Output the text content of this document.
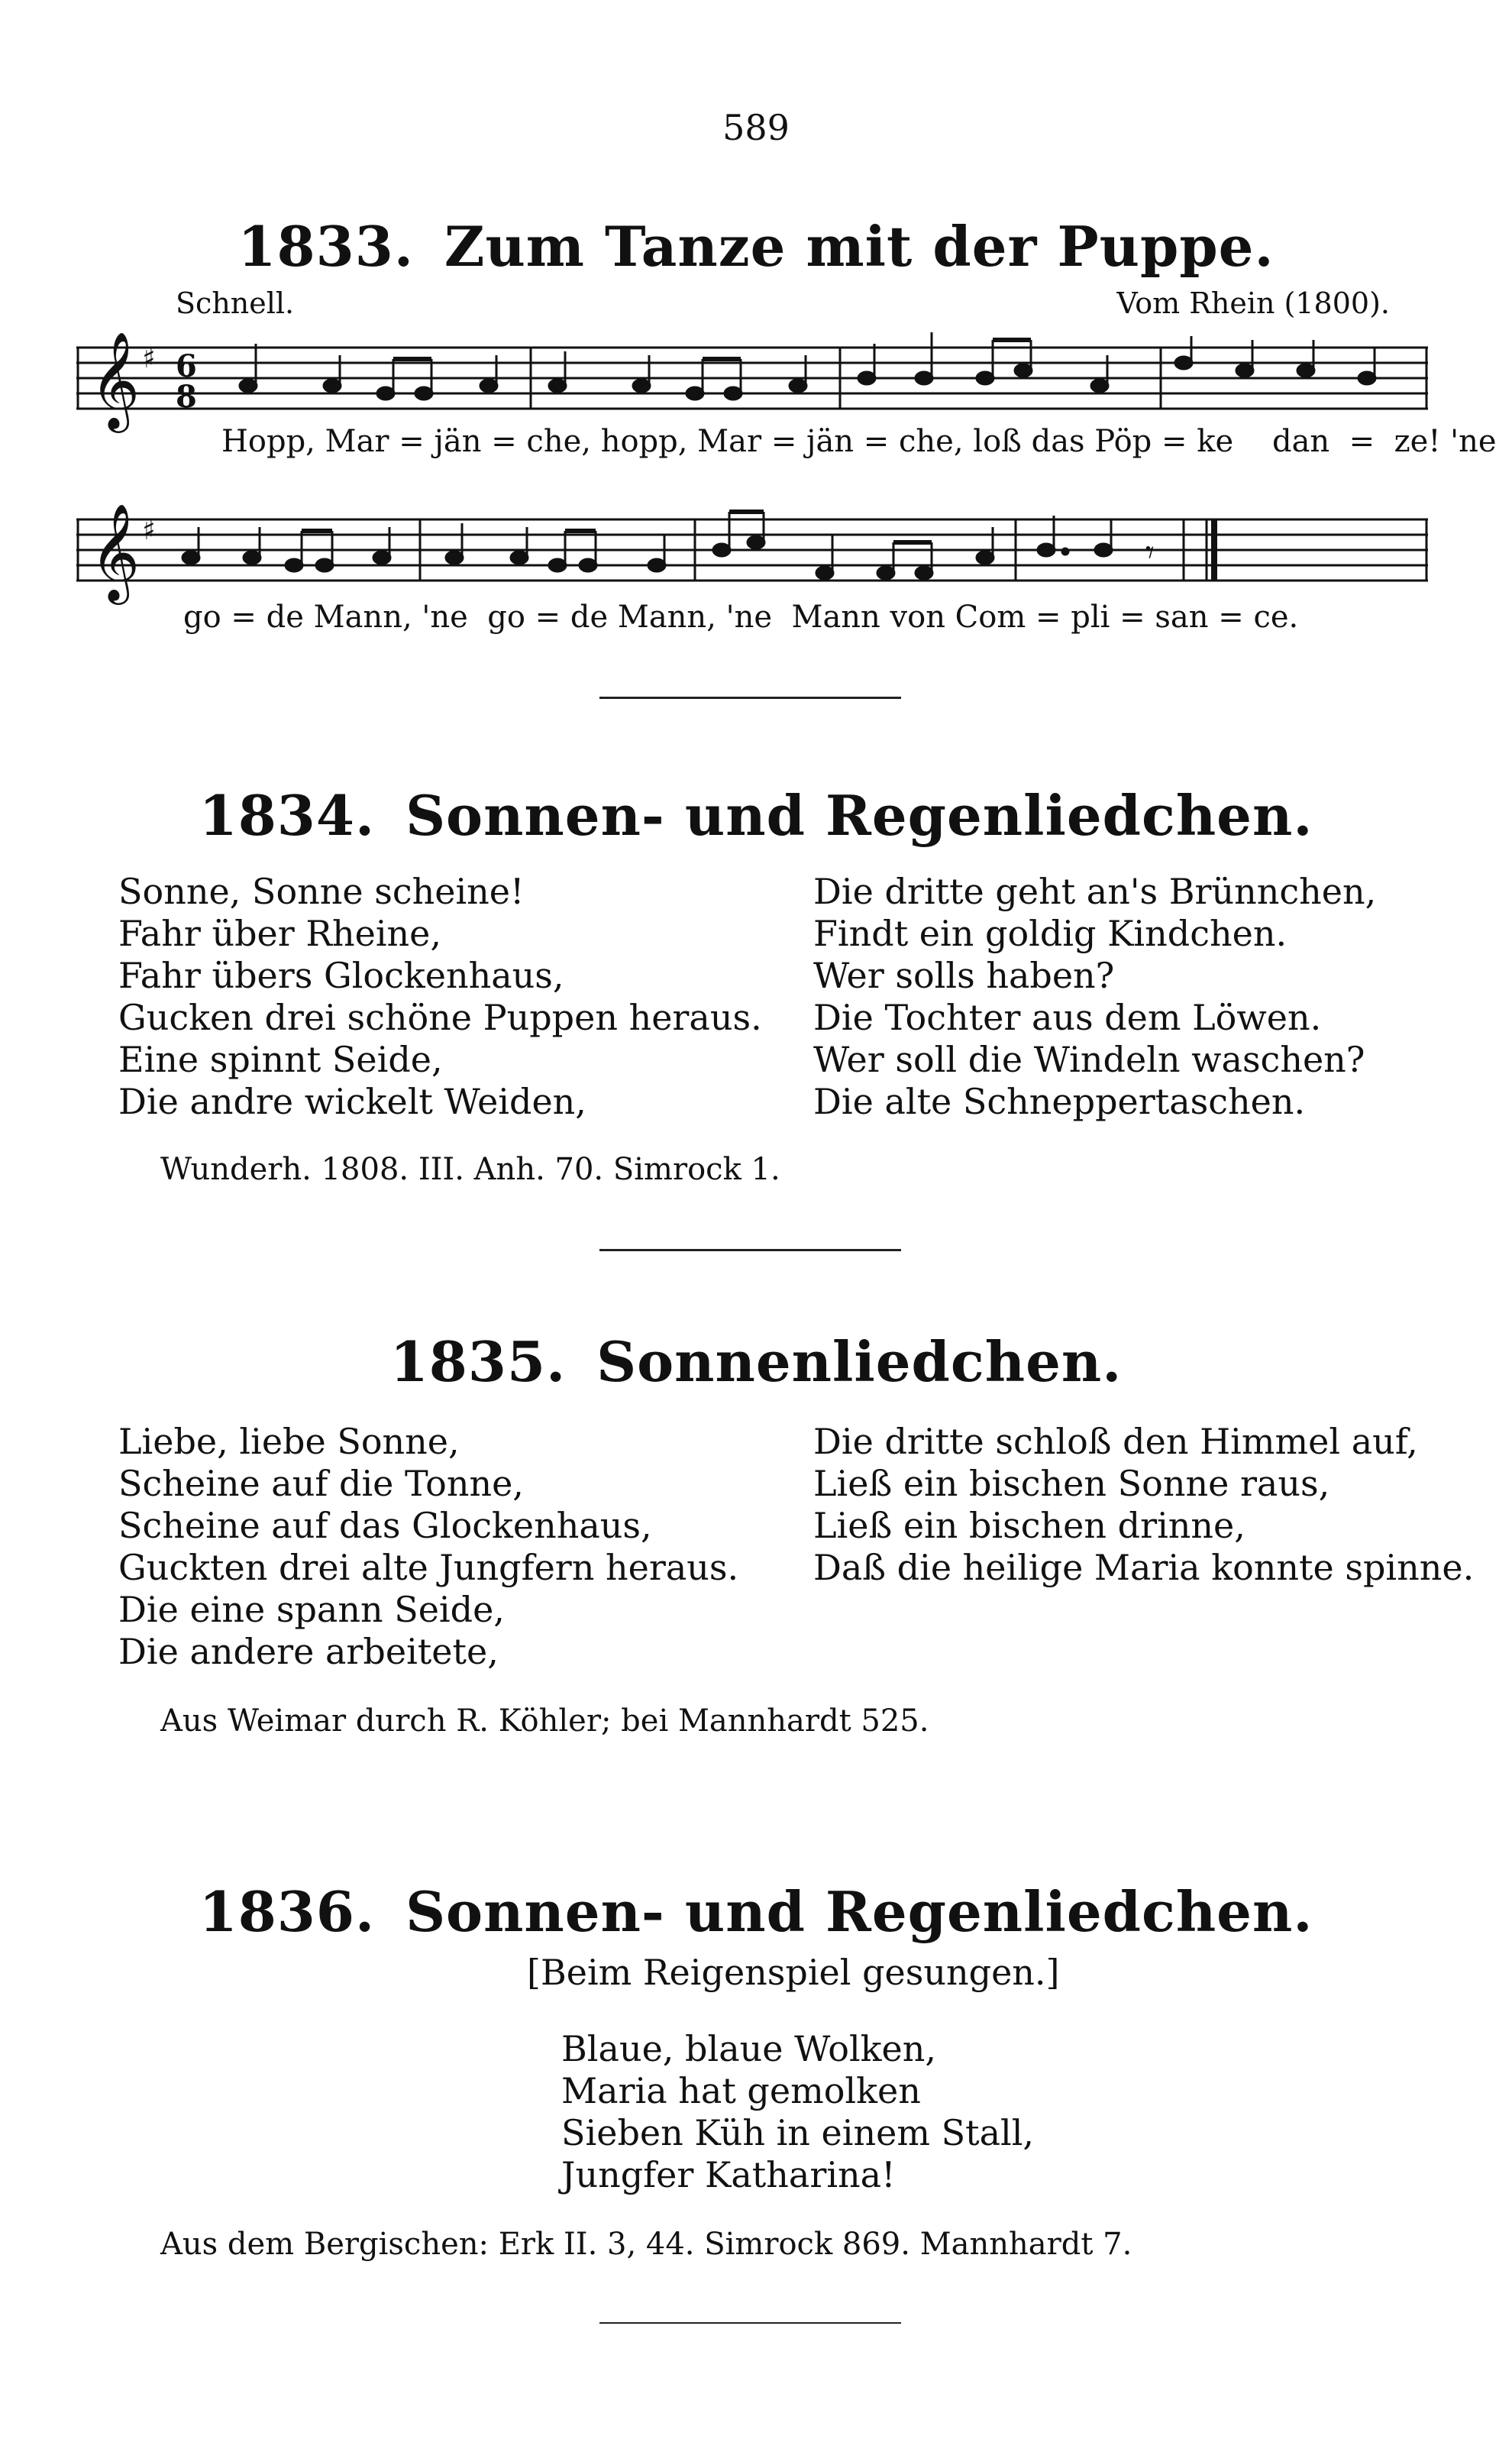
589
1833. Zum Tanze mit der Puppe.
Schnell.	Vom Rhein (1800).
𝄞 ♯ 6
8
Hopp, Mar = jän = che, hopp, Mar = jän = che, loß das Pöp = ke    dan  =  ze! 'ne
𝄞 ♯
𝄾
go = de Mann, 'ne  go = de Mann, 'ne  Mann von Com = pli = san = ce.
1834. Sonnen- und Regenliedchen.
Sonne, Sonne scheine!
Fahr über Rheine,
Fahr übers Glockenhaus,
Gucken drei schöne Puppen heraus.
Eine spinnt Seide,
Die andre wickelt Weiden,
Die dritte geht an's Brünnchen,
Findt ein goldig Kindchen.
Wer solls haben?
Die Tochter aus dem Löwen.
Wer soll die Windeln waschen?
Die alte Schneppertaschen.
Wunderh. 1808. III. Anh. 70. Simrock 1.
1835. Sonnenliedchen.
Liebe, liebe Sonne,
Scheine auf die Tonne,
Scheine auf das Glockenhaus,
Guckten drei alte Jungfern heraus.
Die eine spann Seide,
Die andere arbeitete,
Die dritte schloß den Himmel auf,
Ließ ein bischen Sonne raus,
Ließ ein bischen drinne,
Daß die heilige Maria konnte spinne.
Aus Weimar durch R. Köhler; bei Mannhardt 525.
1836. Sonnen- und Regenliedchen.
[Beim Reigenspiel gesungen.]
Blaue, blaue Wolken,
Maria hat gemolken
Sieben Küh in einem Stall,
Jungfer Katharina!
Aus dem Bergischen: Erk II. 3, 44. Simrock 869. Mannhardt 7.
